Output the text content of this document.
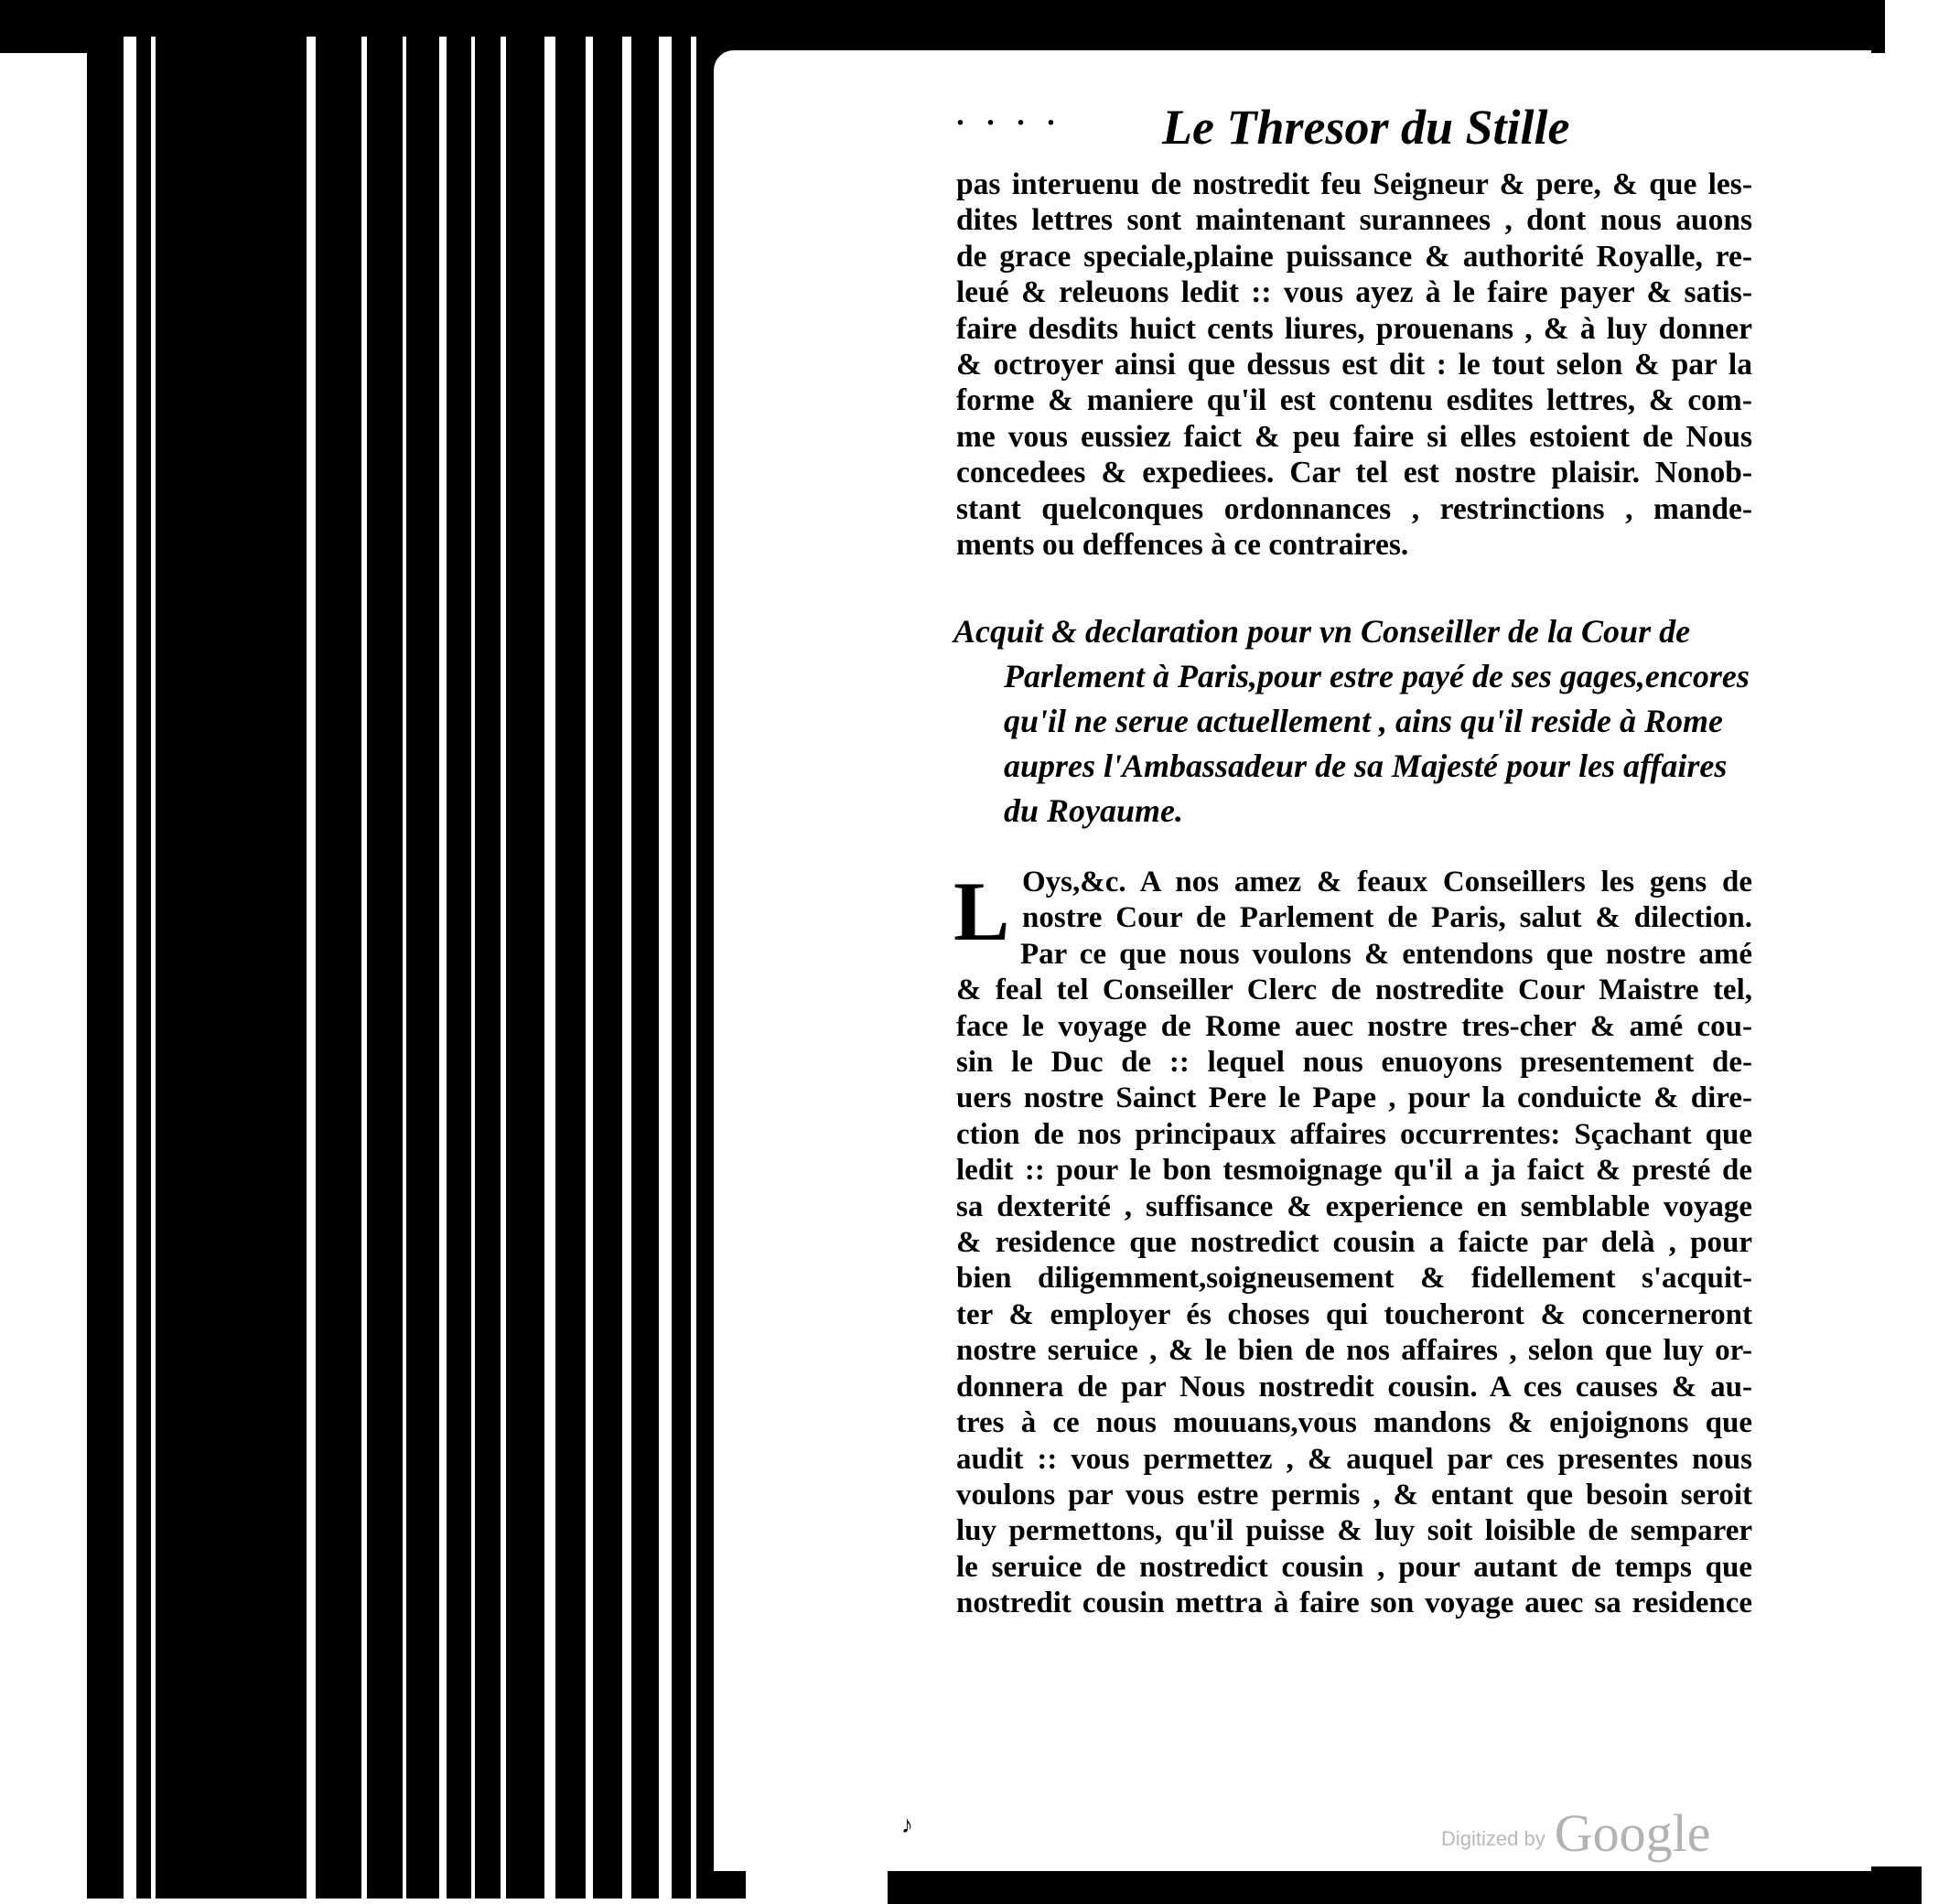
· · · · Le Thresor du Stille
pas interuenu de nostredit feu Seigneur & pere, & que les-
dites lettres sont maintenant surannees , dont nous auons
de grace speciale,plaine puissance & authorité Royalle, re-
leué & releuons ledit :: vous ayez à le faire payer & satis-
faire desdits huict cents liures, prouenans , & à luy donner
& octroyer ainsi que dessus est dit : le tout selon & par la
forme & maniere qu'il est contenu esdites lettres, & com-
me vous eussiez faict & peu faire si elles estoient de Nous
concedees & expediees. Car tel est nostre plaisir. Nonob-
stant quelconques ordonnances , restrinctions , mande-
ments ou deffences à ce contraires.
Acquit & declaration pour vn Conseiller de la Cour de
Parlement à Paris,pour estre payé de ses gages,encores
qu'il ne serue actuellement , ains qu'il reside à Rome
aupres l'Ambassadeur de sa Majesté pour les affaires
du Royaume.
L Oys,&c. A nos amez & feaux Conseillers les gens de
nostre Cour de Parlement de Paris, salut & dilection.
Par ce que nous voulons & entendons que nostre amé
& feal tel Conseiller Clerc de nostredite Cour Maistre tel,
face le voyage de Rome auec nostre tres-cher & amé cou-
sin le Duc de :: lequel nous enuoyons presentement de-
uers nostre Sainct Pere le Pape , pour la conduicte & dire-
ction de nos principaux affaires occurrentes: Sçachant que
ledit :: pour le bon tesmoignage qu'il a ja faict & presté de
sa dexterité , suffisance & experience en semblable voyage
& residence que nostredict cousin a faicte par delà , pour
bien diligemment,soigneusement & fidellement s'acquit-
ter & employer és choses qui toucheront & concerneront
nostre seruice , & le bien de nos affaires , selon que luy or-
donnera de par Nous nostredit cousin. A ces causes & au-
tres à ce nous mouuans,vous mandons & enjoignons que
audit :: vous permettez , & auquel par ces presentes nous
voulons par vous estre permis , & entant que besoin seroit
luy permettons, qu'il puisse & luy soit loisible de semparer
le seruice de nostredict cousin , pour autant de temps que
nostredit cousin mettra à faire son voyage auec sa residence
♪
Digitized by Google
